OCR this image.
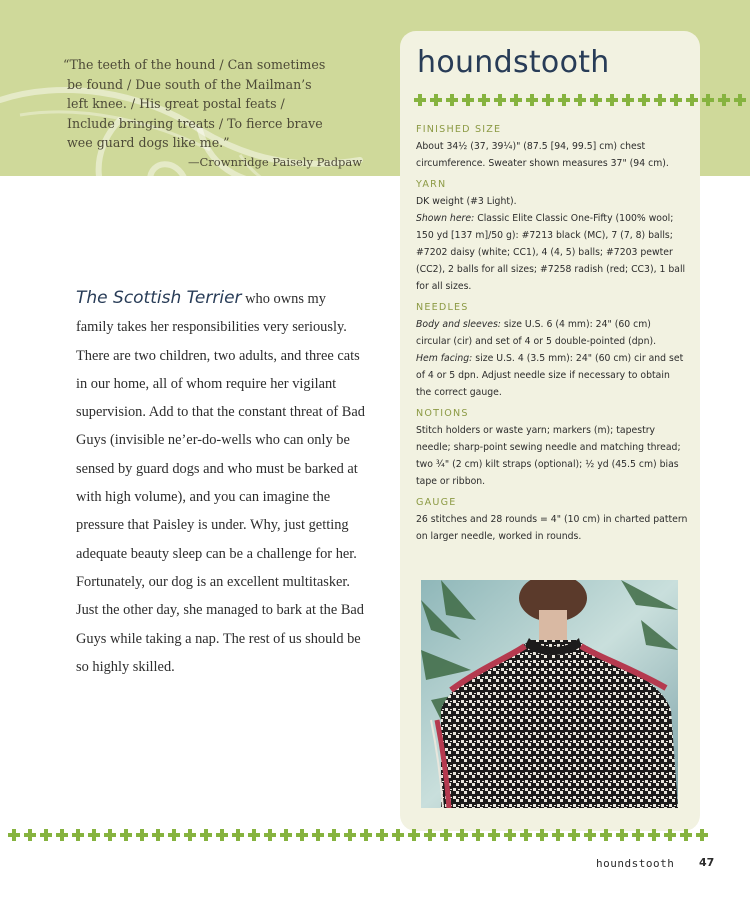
“The teeth of the hound / Can sometimes

be found / Due south of the Mailman’s

left knee. / His great postal feats /

Include bringing treats / To fierce brave

wee guard dogs like me.”

—Crownridge Paisely Padpaw
houndstooth
FINISHED SIZE

About 34½ (37, 39¼)" (87.5 [94, 99.5] cm) chest circumference. Sweater shown measures 37" (94 cm).

YARN

DK weight (#3 Light).

Shown here: Classic Elite Classic One-Fifty (100% wool; 150 yd [137 m]/50 g): #7213 black (MC), 7 (7, 8) balls; #7202 daisy (white; CC1), 4 (4, 5) balls; #7203 pewter (CC2), 2 balls for all sizes; #7258 radish (red; CC3), 1 ball for all sizes.

NEEDLES

Body and sleeves: size U.S. 6 (4 mm): 24" (60 cm) circular (cir) and set of 4 or 5 double-pointed (dpn).

Hem facing: size U.S. 4 (3.5 mm): 24" (60 cm) cir and set of 4 or 5 dpn. Adjust needle size if necessary to obtain the correct gauge.

NOTIONS

Stitch holders or waste yarn; markers (m); tapestry needle; sharp-point sewing needle and matching thread; two ¾" (2 cm) kilt straps (optional); ½ yd (45.5 cm) bias tape or ribbon.

GAUGE

26 stitches and 28 rounds = 4" (10 cm) in charted pattern on larger needle, worked in rounds.

The Scottish Terrier who owns my family takes her responsibilities very seriously. There are two children, two adults, and three cats in our home, all of whom require her vigilant supervision. Add to that the constant threat of Bad Guys (invisible ne’er-do-wells who can only be sensed by guard dogs and who must be barked at with high volume), and you can imagine the pressure that Paisley is under. Why, just getting adequate beauty sleep can be a challenge for her. Fortunately, our dog is an excellent multitasker. Just the other day, she managed to bark at the Bad Guys while taking a nap. The rest of us should be so highly skilled.

houndstooth 47
